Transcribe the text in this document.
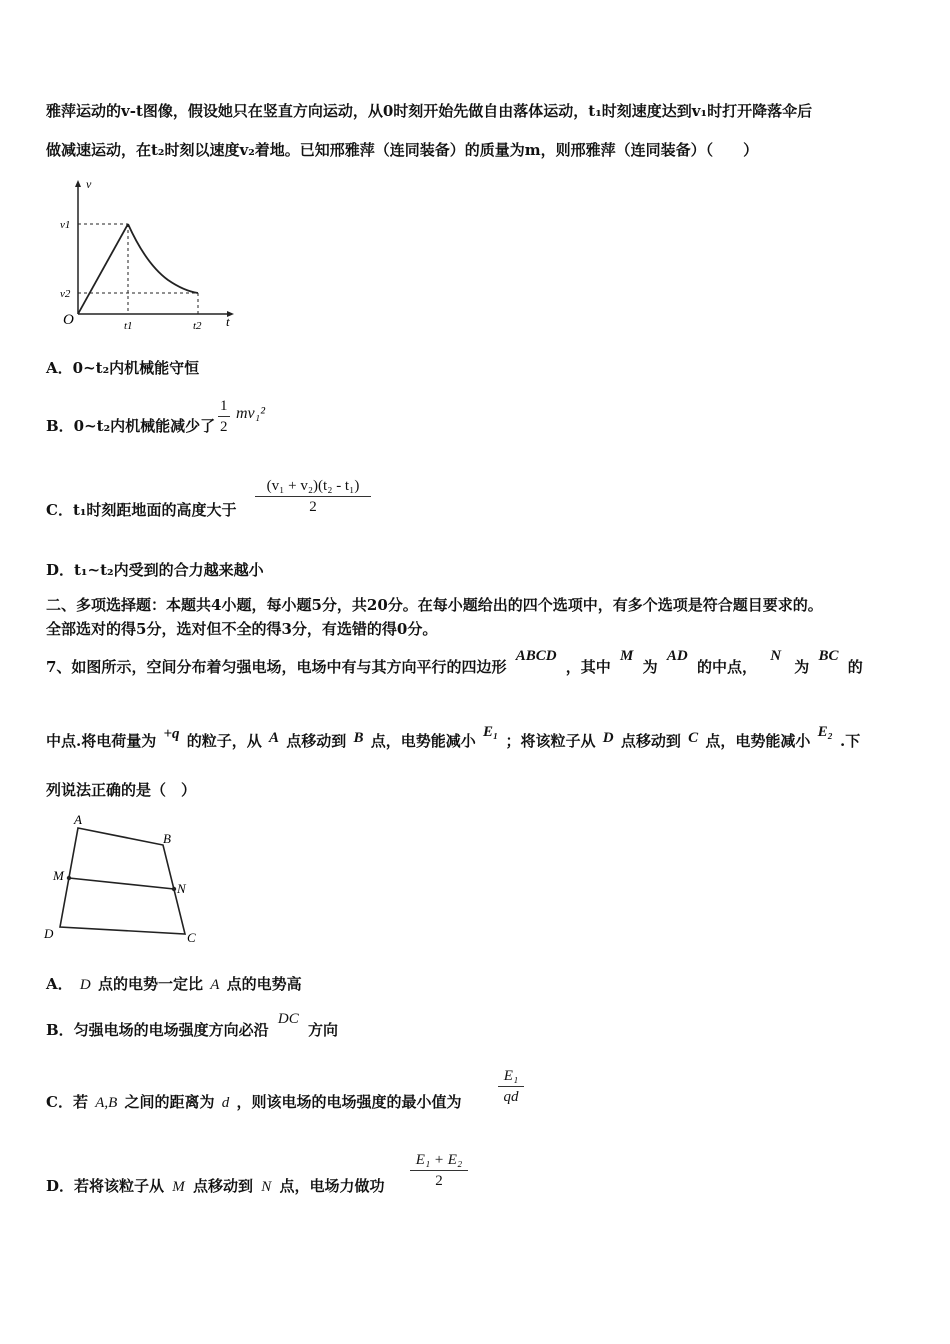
雅萍运动的v-t图像，假设她只在竖直方向运动，从0时刻开始先做自由落体运动，t₁时刻速度达到v₁时打开降落伞后
做减速运动，在t₂时刻以速度v₂着地。已知邢雅萍（连同装备）的质量为m，则邢雅萍（连同装备）（　　）
v
t
O
v1
v2
t1	t2
A．0~t₂内机械能守恒
B．0~t₂内机械能减少了 $\frac{1}{2} mv_1^2$
C．t₁时刻距地面的高度大于 $\frac{\text{(v₁ + v₂)(t₂ - t₁)}}{2}$
D．t₁~t₂内受到的合力越来越小
二、多项选择题：本题共4小题，每小题5分，共20分。在每小题给出的四个选项中，有多个选项是符合题目要求的。
全部选对的得5分，选对但不全的得3分，有选错的得0分。
7、如图所示，空间分布着匀强电场，电场中有与其方向平行的四边形 ABCD ，其中 M 为 AD 的中点， N 为 BC 的
中点.将电荷量为 +q 的粒子，从 A 点移动到 B 点，电势能减小 E₁ ；将该粒子从 D 点移动到 C 点，电势能减小 E₂ .下
列说法正确的是（　）
A
B
C
D
M
N
A． D 点的电势一定比 A 点的电势高
B．匀强电场的电场强度方向必沿 DC 方向
C．若 A,B 之间的距离为 d ，则该电场的电场强度的最小值为 $\frac{\text{E₁}}{qd}$
D．若将该粒子从 M 点移动到 N 点，电场力做功 $\frac{\text{E₁ + E₂}}{2}$
